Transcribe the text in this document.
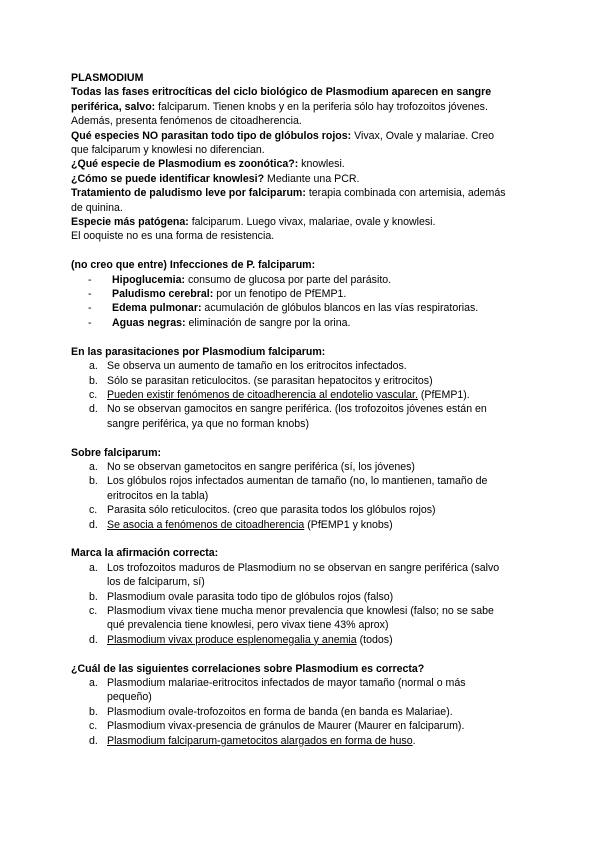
PLASMODIUM
Todas las fases eritrocíticas del ciclo biológico de Plasmodium aparecen en sangre
periférica, salvo: falciparum. Tienen knobs y en la periferia sólo hay trofozoitos jóvenes.
Además, presenta fenómenos de citoadherencia.
Qué especies NO parasitan todo tipo de glóbulos rojos: Vivax, Ovale y malariae. Creo
que falciparum y knowlesi no diferencian.
¿Qué especie de Plasmodium es zoonótica?: knowlesi.
¿Cómo se puede identificar knowlesi? Mediante una PCR.
Tratamiento de paludismo leve por falciparum: terapia combinada con artemisia, además
de quinina.
Especie más patógena: falciparum. Luego vivax, malariae, ovale y knowlesi.
El ooquiste no es una forma de resistencia.
(no creo que entre) Infecciones de P. falciparum:
-	Hipoglucemia: consumo de glucosa por parte del parásito.
-	Paludismo cerebral: por un fenotipo de PfEMP1.
-	Edema pulmonar: acumulación de glóbulos blancos en las vías respiratorias.
-	Aguas negras: eliminación de sangre por la orina.
En las parasitaciones por Plasmodium falciparum:
a. Se observa un aumento de tamaño en los eritrocitos infectados.
b. Sólo se parasitan reticulocitos. (se parasitan hepatocitos y eritrocitos)
c. Pueden existir fenómenos de citoadherencia al endotelio vascular. (PfEMP1).
d. No se observan gamocitos en sangre periférica. (los trofozoitos jóvenes están en
sangre periférica, ya que no forman knobs)
Sobre falciparum:
a. No se observan gametocitos en sangre periférica (sí, los jóvenes)
b. Los glóbulos rojos infectados aumentan de tamaño (no, lo mantienen, tamaño de
eritrocitos en la tabla)
c. Parasita sólo reticulocitos. (creo que parasita todos los glóbulos rojos)
d. Se asocia a fenómenos de citoadherencia (PfEMP1 y knobs)
Marca la afirmación correcta:
a. Los trofozoitos maduros de Plasmodium no se observan en sangre periférica (salvo
los de falciparum, sí)
b. Plasmodium ovale parasita todo tipo de glóbulos rojos (falso)
c. Plasmodium vivax tiene mucha menor prevalencia que knowlesi (falso; no se sabe
qué prevalencia tiene knowlesi, pero vivax tiene 43% aprox)
d. Plasmodium vivax produce esplenomegalia y anemia (todos)
¿Cuál de las siguientes correlaciones sobre Plasmodium es correcta?
a. Plasmodium malariae-eritrocitos infectados de mayor tamaño (normal o más
pequeño)
b. Plasmodium ovale-trofozoitos en forma de banda (en banda es Malariae).
c. Plasmodium vivax-presencia de gránulos de Maurer (Maurer en falciparum).
d. Plasmodium falciparum-gametocitos alargados en forma de huso.
